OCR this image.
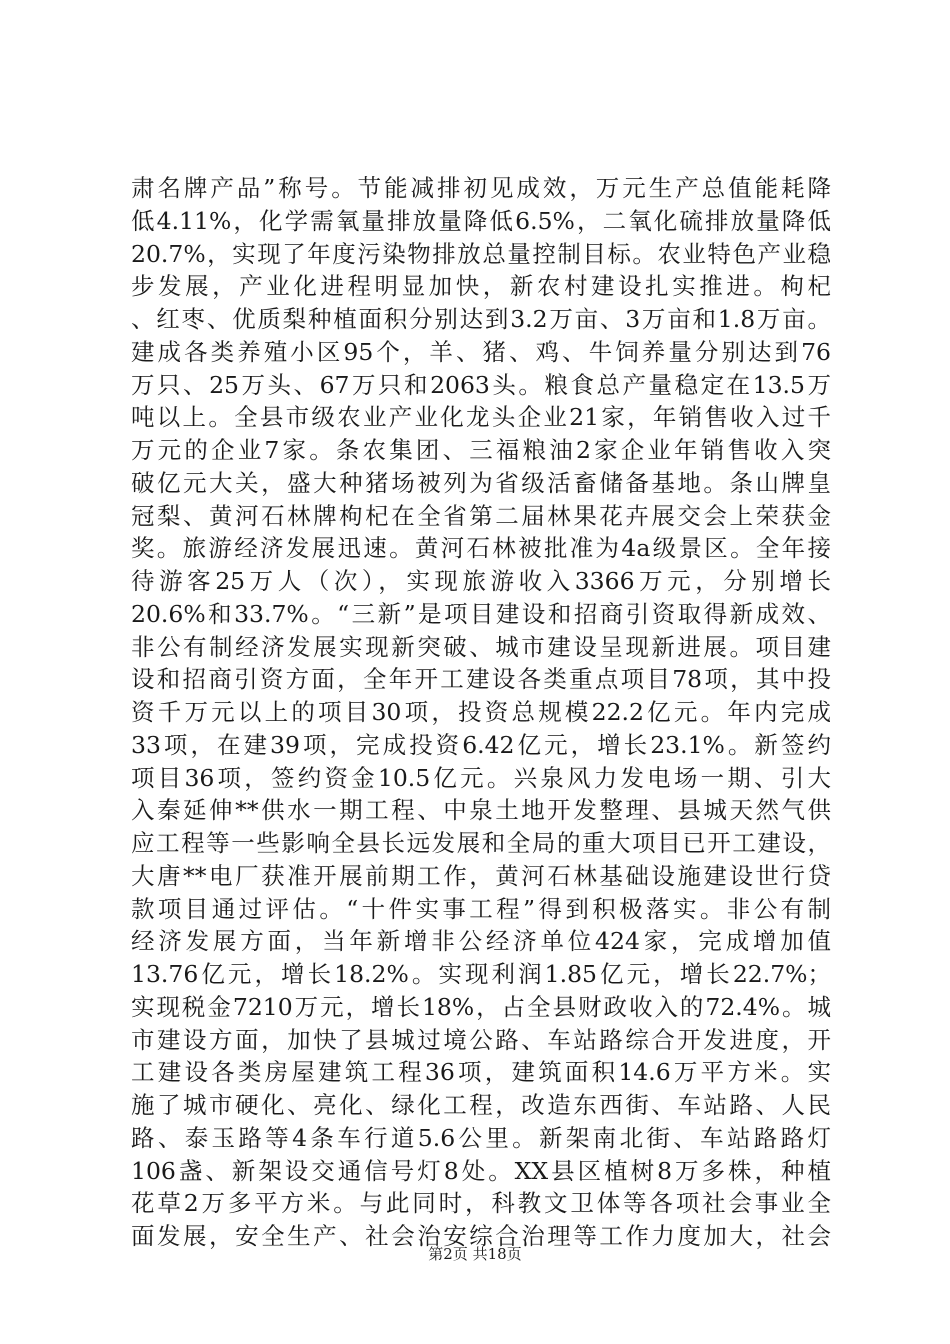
肃名牌产品”称号。节能减排初见成效，万元生产总值能耗降
低4.11%，化学需氧量排放量降低6.5%，二氧化硫排放量降低
20.7%，实现了年度污染物排放总量控制目标。农业特色产业稳
步发展，产业化进程明显加快，新农村建设扎实推进。枸杞
、红枣、优质梨种植面积分别达到3.2万亩、3万亩和1.8万亩。
建成各类养殖小区95个，羊、猪、鸡、牛饲养量分别达到76
万只、25万头、67万只和2063头。粮食总产量稳定在13.5万
吨以上。全县市级农业产业化龙头企业21家，年销售收入过千
万元的企业7家。条农集团、三福粮油2家企业年销售收入突
破亿元大关，盛大种猪场被列为省级活畜储备基地。条山牌皇
冠梨、黄河石林牌枸杞在全省第二届林果花卉展交会上荣获金
奖。旅游经济发展迅速。黄河石林被批准为4a级景区。全年接
待游客25万人（次），实现旅游收入3366万元，分别增长
20.6%和33.7%。“三新”是项目建设和招商引资取得新成效、
非公有制经济发展实现新突破、城市建设呈现新进展。项目建
设和招商引资方面，全年开工建设各类重点项目78项，其中投
资千万元以上的项目30项，投资总规模22.2亿元。年内完成
33项，在建39项，完成投资6.42亿元，增长23.1%。新签约
项目36项，签约资金10.5亿元。兴泉风力发电场一期、引大
入秦延伸**供水一期工程、中泉土地开发整理、县城天然气供
应工程等一些影响全县长远发展和全局的重大项目已开工建设，
大唐**电厂获准开展前期工作，黄河石林基础设施建设世行贷
款项目通过评估。“十件实事工程”得到积极落实。非公有制
经济发展方面，当年新增非公经济单位424家，完成增加值
13.76亿元，增长18.2%。实现利润1.85亿元，增长22.7%；
实现税金7210万元，增长18%，占全县财政收入的72.4%。城
市建设方面，加快了县城过境公路、车站路综合开发进度，开
工建设各类房屋建筑工程36项，建筑面积14.6万平方米。实
施了城市硬化、亮化、绿化工程，改造东西街、车站路、人民
路、泰玉路等4条车行道5.6公里。新架南北街、车站路路灯
106盏、新架设交通信号灯8处。XX县区植树8万多株，种植
花草2万多平方米。与此同时，科教文卫体等各项社会事业全
面发展，安全生产、社会治安综合治理等工作力度加大，社会
第2页 共18页
